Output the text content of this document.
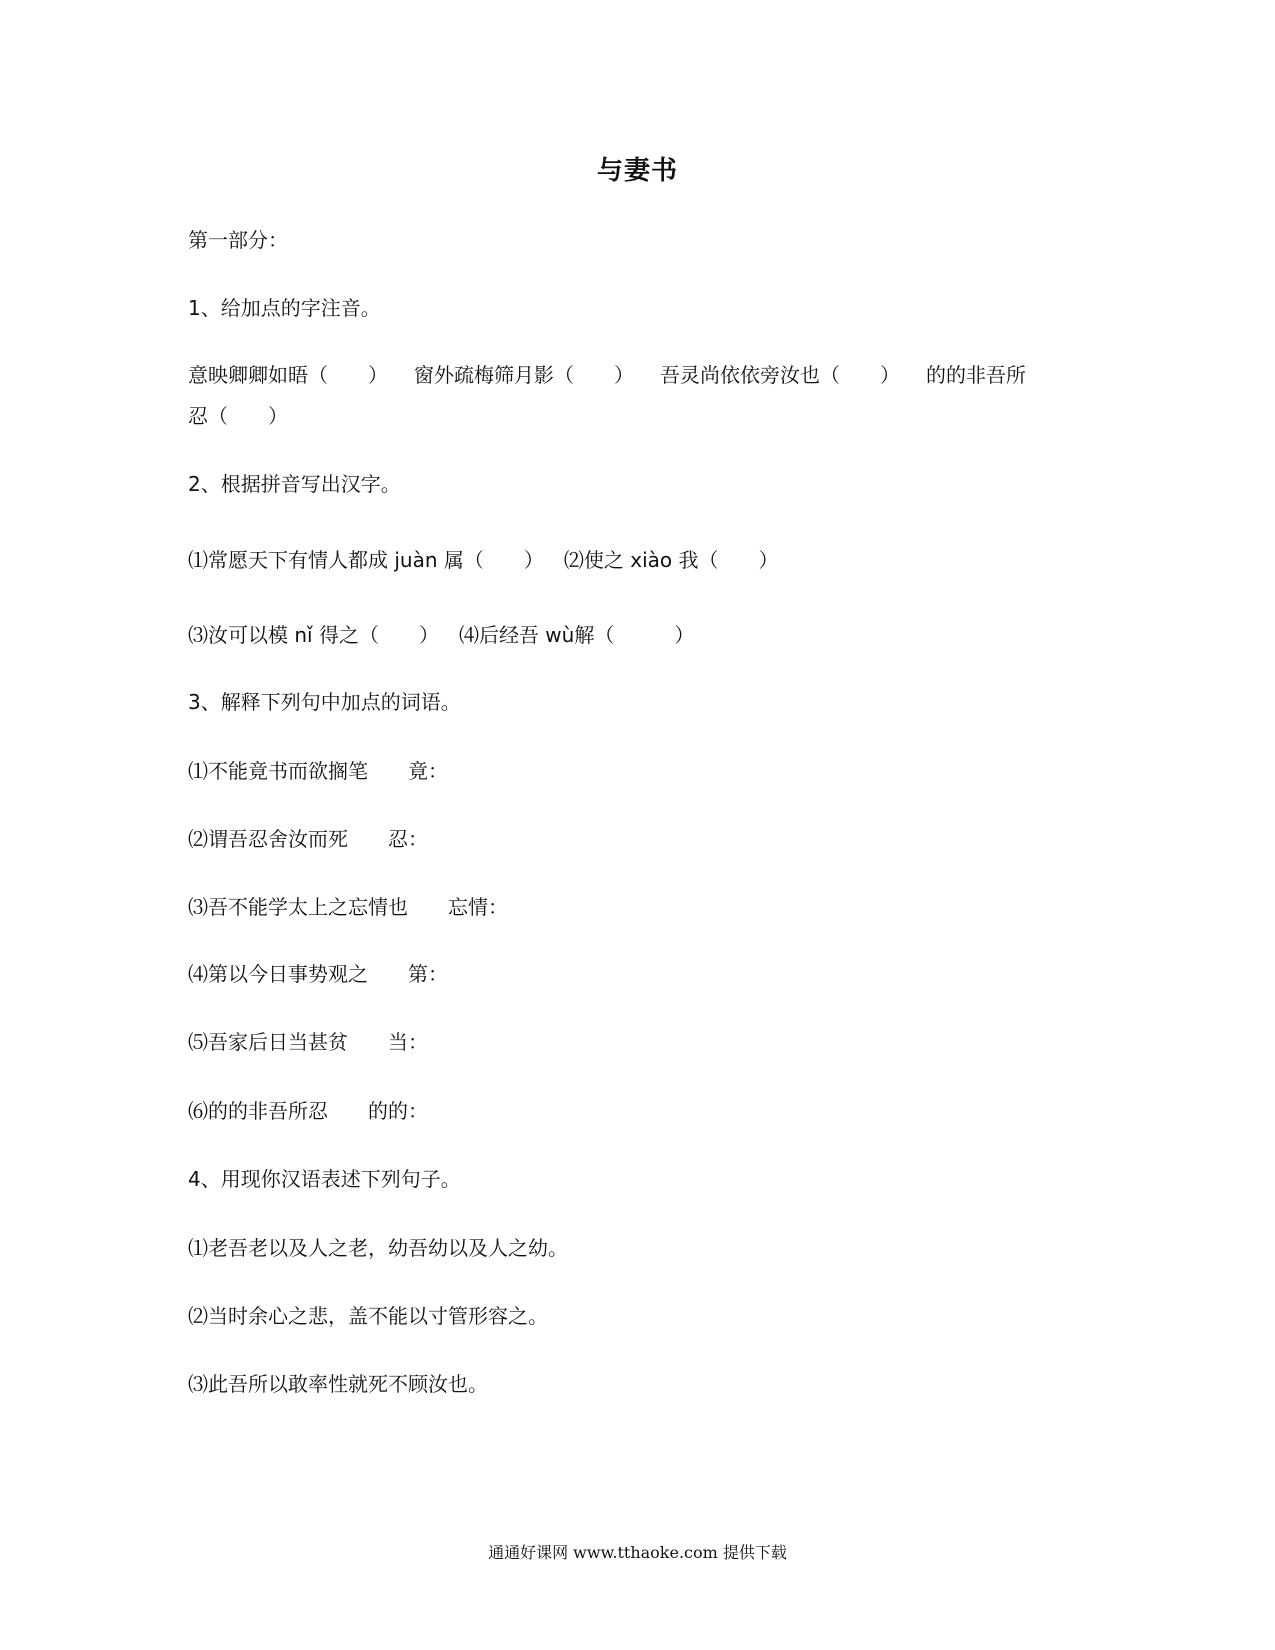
与妻书
第一部分：
1、给加点的字注音。
意映卿卿如晤（　　） 窗外疏梅筛月影（　　） 吾灵尚依依旁汝也（　　） 的的非吾所
忍（　　）
2、根据拼音写出汉字。
⑴常愿天下有情人都成 juàn 属（　　） ⑵使之 xiào 我（　　）
⑶汝可以模 nǐ 得之（　　） ⑷后经吾 wù解（　　　）
3、解释下列句中加点的词语。
⑴不能竟书而欲搁笔 竟：
⑵谓吾忍舍汝而死 忍：
⑶吾不能学太上之忘情也 忘情：
⑷第以今日事势观之 第：
⑸吾家后日当甚贫 当：
⑹的的非吾所忍 的的：
4、用现你汉语表述下列句子。
⑴老吾老以及人之老，幼吾幼以及人之幼。
⑵当时余心之悲，盖不能以寸管形容之。
⑶此吾所以敢率性就死不顾汝也。
通通好课网 www.tthaoke.com 提供下载
